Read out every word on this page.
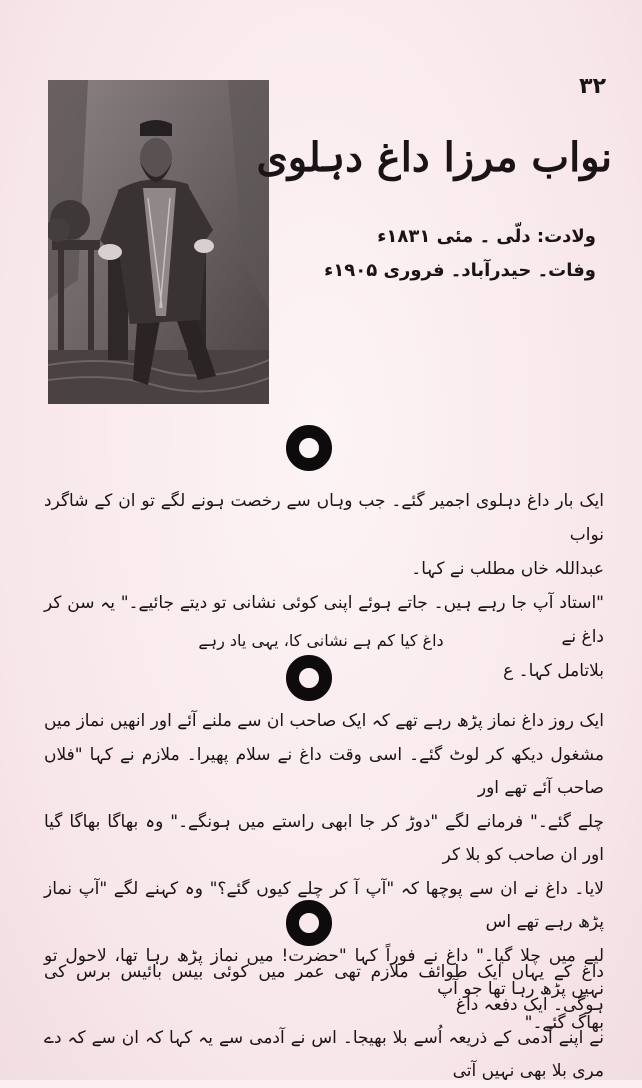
۳۲
نواب مرزا داغ دہلوی
ولادت: دلّی ۔ مئی ۱۸۳۱ء
وفات۔ حیدرآباد۔ فروری ۱۹۰۵ء
ایک بار داغ دہلوی اجمیر گئے۔ جب وہاں سے رخصت ہونے لگے تو ان کے شاگرد نواب
عبداللہ خاں مطلب نے کہا۔
"استاد آپ جا رہے ہیں۔ جاتے ہوئے اپنی کوئی نشانی تو دیتے جائیے۔" یہ سن کر داغ نے
بلاتامل کہا۔ ع
داغ کیا کم ہے نشانی کا، یہی یاد رہے
ایک روز داغ نماز پڑھ رہے تھے کہ ایک صاحب ان سے ملنے آئے اور انھیں نماز میں
مشغول دیکھ کر لوٹ گئے۔ اسی وقت داغ نے سلام پھیرا۔ ملازم نے کہا "فلاں صاحب آئے تھے اور
چلے گئے۔" فرمانے لگے "دوڑ کر جا ابھی راستے میں ہونگے۔" وہ بھاگا بھاگا گیا اور ان صاحب کو بلا کر
لایا۔ داغ نے ان سے پوچھا کہ "آپ آ کر چلے کیوں گئے؟" وہ کہنے لگے "آپ نماز پڑھ رہے تھے اس
لیے میں چلا گیا۔" داغ نے فوراً کہا "حضرت! میں نماز پڑھ رہا تھا، لاحول تو نہیں پڑھ رہا تھا جو آپ
بھاگ گئے۔"
داغ کے یہاں ایک طوائف ملازم تھی عمر میں کوئی بیس بائیس برس کی ہوگی۔ ایک دفعہ داغ
نے اپنے آدمی کے ذریعہ اُسے بلا بھیجا۔ اس نے آدمی سے یہ کہا کہ ان سے کہ دے مری بلا بھی نہیں آتی
